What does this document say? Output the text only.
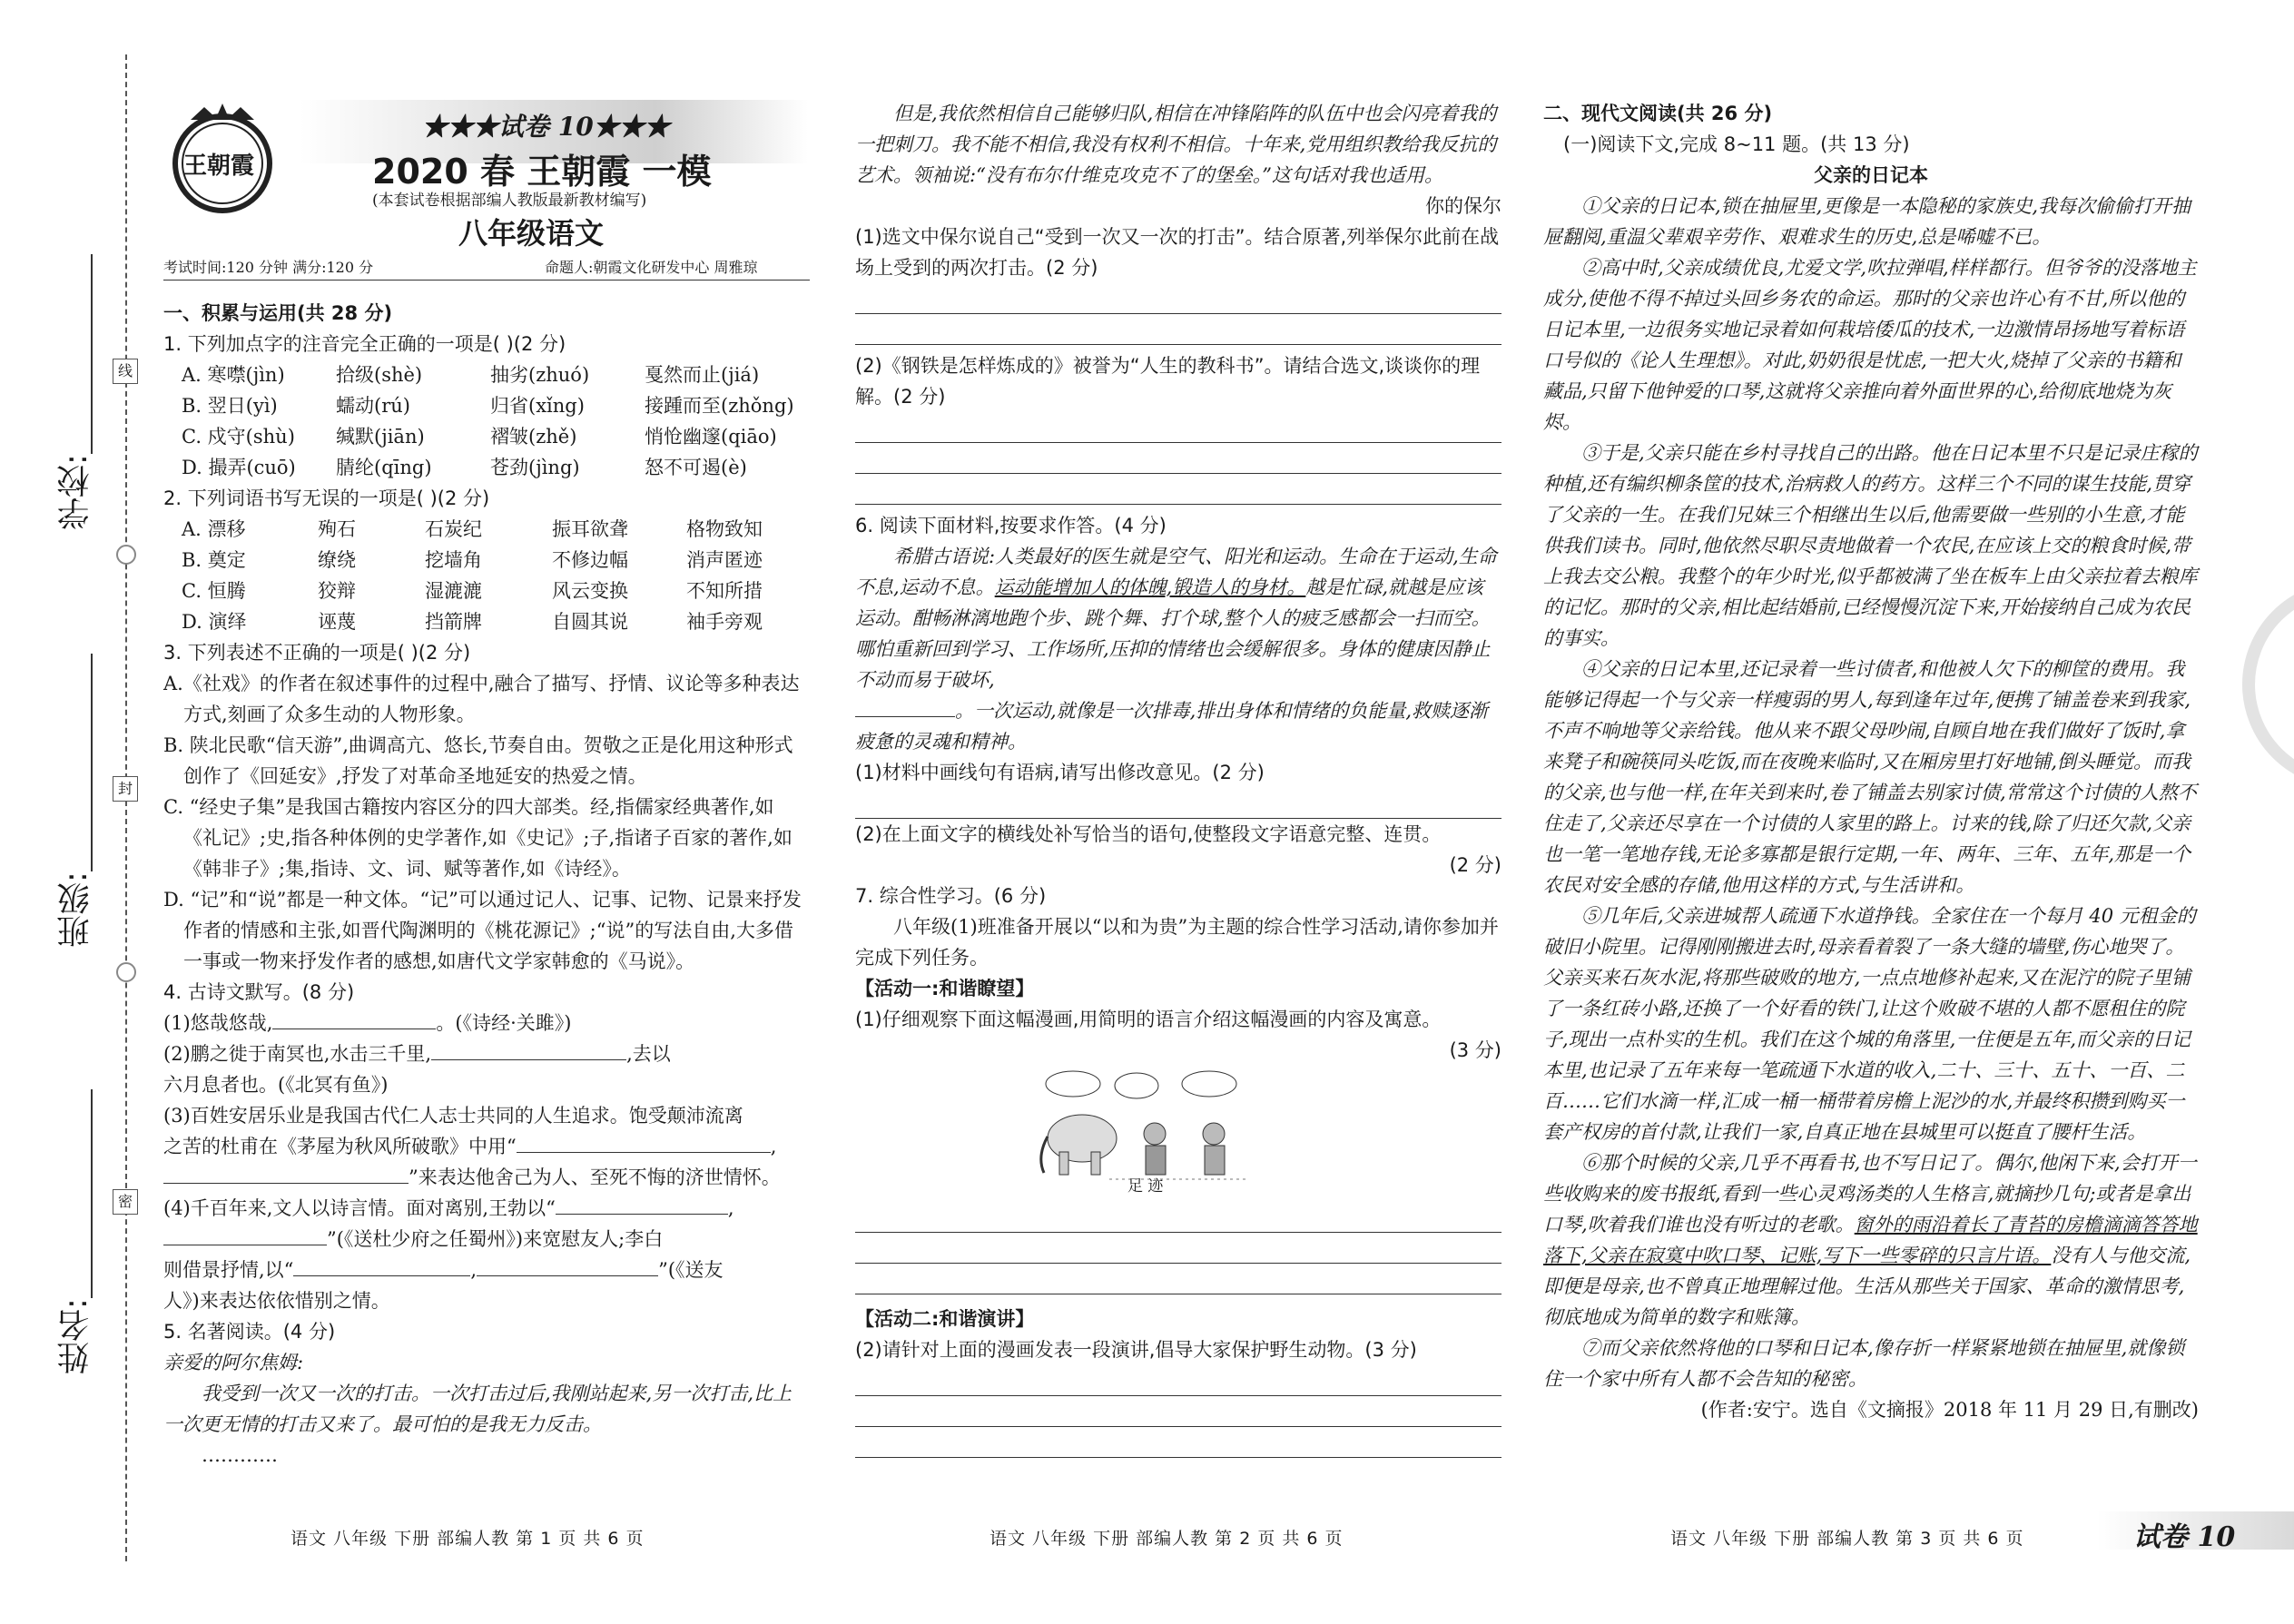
学校:
班级:
姓名:
线
封
密
王朝霞
★★★试卷 10★★★
2020 春 王朝霞 一模
(本套试卷根据部编人教版最新教材编写)
八年级语文
考试时间:120 分钟 满分:120 分	命题人:朝霞文化研发中心 周雅琼
一、积累与运用(共 28 分)
1. 下列加点字的注音完全正确的一项是( )(2 分)
A. 寒噤(jìn)	拾级(shè)	抽劣(zhuó)	戛然而止(jiá)
B. 翌日(yì)	蠕动(rú)	归省(xǐng)	接踵而至(zhǒng)
C. 戍守(shù) 缄默(jiān)	褶皱(zhě)	悄怆幽邃(qiāo)
D. 撮弄(cuō) 腈纶(qīng)	苍劲(jìng)	怒不可遏(è)
2. 下列词语书写无误的一项是( )(2 分)
A. 漂移	殉石	石炭纪	振耳欲聋	格物致知
B. 奠定	缭绕	挖墙角	不修边幅	消声匿迹
C. 恒腾	狡辩	湿漉漉	风云变换	不知所措
D. 演绎	诬蔑	挡箭牌	自圆其说	袖手旁观
3. 下列表述不正确的一项是( )(2 分)
A.《社戏》的作者在叙述事件的过程中,融合了描写、抒情、议论等多种表达方式,刻画了众多生动的人物形象。
B. 陕北民歌“信天游”,曲调高亢、悠长,节奏自由。贺敬之正是化用这种形式创作了《回延安》,抒发了对革命圣地延安的热爱之情。
C. “经史子集”是我国古籍按内容区分的四大部类。经,指儒家经典著作,如《礼记》;史,指各种体例的史学著作,如《史记》;子,指诸子百家的著作,如《韩非子》;集,指诗、文、词、赋等著作,如《诗经》。
D. “记”和“说”都是一种文体。“记”可以通过记人、记事、记物、记景来抒发作者的情感和主张,如晋代陶渊明的《桃花源记》;“说”的写法自由,大多借一事或一物来抒发作者的感想,如唐代文学家韩愈的《马说》。
4. 古诗文默写。(8 分)
(1)悠哉悠哉,	。(《诗经·关雎》)
(2)鹏之徙于南冥也,水击三千里,	,去以
六月息者也。(《北冥有鱼》)
(3)百姓安居乐业是我国古代仁人志士共同的人生追求。饱受颠沛流离
之苦的杜甫在《茅屋为秋风所破歌》中用“	,
”来表达他舍己为人、至死不悔的济世情怀。
(4)千百年来,文人以诗言情。面对离别,王勃以“	,
”(《送杜少府之任蜀州》)来宽慰友人;李白
则借景抒情,以“	,	”(《送友
人》)来表达依依惜别之情。
5. 名著阅读。(4 分)
亲爱的阿尔焦姆:
我受到一次又一次的打击。一次打击过后,我刚站起来,另一次打击,比上一次更无情的打击又来了。最可怕的是我无力反击。
…………
但是,我依然相信自己能够归队,相信在冲锋陷阵的队伍中也会闪亮着我的一把刺刀。我不能不相信,我没有权利不相信。十年来,党用组织教给我反抗的艺术。领袖说:“没有布尔什维克攻克不了的堡垒。”这句话对我也适用。
你的保尔
(1)选文中保尔说自己“受到一次又一次的打击”。结合原著,列举保尔此前在战场上受到的两次打击。(2 分)
(2)《钢铁是怎样炼成的》被誉为“人生的教科书”。请结合选文,谈谈你的理解。(2 分)
6. 阅读下面材料,按要求作答。(4 分)
希腊古语说:人类最好的医生就是空气、阳光和运动。生命在于运动,生命不息,运动不息。运动能增加人的体魄,锻造人的身材。越是忙碌,就越是应该运动。酣畅淋漓地跑个步、跳个舞、打个球,整个人的疲乏感都会一扫而空。哪怕重新回到学习、工作场所,压抑的情绪也会缓解很多。身体的健康因静止不动而易于破坏,
。一次运动,就像是一次排毒,排出身体和情绪的负能量,救赎逐渐疲惫的灵魂和精神。
(1)材料中画线句有语病,请写出修改意见。(2 分)
(2)在上面文字的横线处补写恰当的语句,使整段文字语意完整、连贯。
(2 分)
7. 综合性学习。(6 分)
八年级(1)班准备开展以“以和为贵”为主题的综合性学习活动,请你参加并完成下列任务。
【活动一:和谐瞭望】
(1)仔细观察下面这幅漫画,用简明的语言介绍这幅漫画的内容及寓意。
(3 分)
足 迹
【活动二:和谐演讲】
(2)请针对上面的漫画发表一段演讲,倡导大家保护野生动物。(3 分)
二、现代文阅读(共 26 分)
(一)阅读下文,完成 8~11 题。(共 13 分)
父亲的日记本
①父亲的日记本,锁在抽屉里,更像是一本隐秘的家族史,我每次偷偷打开抽屉翻阅,重温父辈艰辛劳作、艰难求生的历史,总是唏嘘不已。
②高中时,父亲成绩优良,尤爱文学,吹拉弹唱,样样都行。但爷爷的没落地主成分,使他不得不掉过头回乡务农的命运。那时的父亲也许心有不甘,所以他的日记本里,一边很务实地记录着如何栽培倭瓜的技术,一边激情昂扬地写着标语口号似的《论人生理想》。对此,奶奶很是忧虑,一把大火,烧掉了父亲的书籍和藏品,只留下他钟爱的口琴,这就将父亲推向着外面世界的心,给彻底地烧为灰烬。
③于是,父亲只能在乡村寻找自己的出路。他在日记本里不只是记录庄稼的种植,还有编织柳条筐的技术,治病救人的药方。这样三个不同的谋生技能,贯穿了父亲的一生。在我们兄妹三个相继出生以后,他需要做一些别的小生意,才能供我们读书。同时,他依然尽职尽责地做着一个农民,在应该上交的粮食时候,带上我去交公粮。我整个的年少时光,似乎都被满了坐在板车上由父亲拉着去粮库的记忆。那时的父亲,相比起结婚前,已经慢慢沉淀下来,开始接纳自己成为农民的事实。
④父亲的日记本里,还记录着一些讨债者,和他被人欠下的柳筐的费用。我能够记得起一个与父亲一样瘦弱的男人,每到逢年过年,便携了铺盖卷来到我家,不声不响地等父亲给钱。他从来不跟父母吵闹,自顾自地在我们做好了饭时,拿来凳子和碗筷同头吃饭,而在夜晚来临时,又在厢房里打好地铺,倒头睡觉。而我的父亲,也与他一样,在年关到来时,卷了铺盖去别家讨债,常常这个讨债的人熬不住走了,父亲还尽享在一个讨债的人家里的路上。讨来的钱,除了归还欠款,父亲也一笔一笔地存钱,无论多寡都是银行定期,一年、两年、三年、五年,那是一个农民对安全感的存储,他用这样的方式,与生活讲和。
⑤几年后,父亲进城帮人疏通下水道挣钱。全家住在一个每月 40 元租金的破旧小院里。记得刚刚搬进去时,母亲看着裂了一条大缝的墙壁,伤心地哭了。父亲买来石灰水泥,将那些破败的地方,一点点地修补起来,又在泥泞的院子里铺了一条红砖小路,还换了一个好看的铁门,让这个败破不堪的人都不愿租住的院子,现出一点朴实的生机。我们在这个城的角落里,一住便是五年,而父亲的日记本里,也记录了五年来每一笔疏通下水道的收入,二十、三十、五十、一百、二百……它们水滴一样,汇成一桶一桶带着房檐上泥沙的水,并最终积攒到购买一套产权房的首付款,让我们一家,自真正地在县城里可以挺直了腰杆生活。
⑥那个时候的父亲,几乎不再看书,也不写日记了。偶尔,他闲下来,会打开一些收购来的废书报纸,看到一些心灵鸡汤类的人生格言,就摘抄几句;或者是拿出口琴,吹着我们谁也没有听过的老歌。窗外的雨沿着长了青苔的房檐滴滴答答地落下,父亲在寂寞中吹口琴、记账,写下一些零碎的只言片语。没有人与他交流,即便是母亲,也不曾真正地理解过他。生活从那些关于国家、革命的激情思考,彻底地成为简单的数字和账簿。
⑦而父亲依然将他的口琴和日记本,像存折一样紧紧地锁在抽屉里,就像锁住一个家中所有人都不会告知的秘密。
(作者:安宁。选自《文摘报》2018 年 11 月 29 日,有删改)
语文 八年级 下册 部编人教 第 1 页 共 6 页	语文 八年级 下册 部编人教 第 2 页 共 6 页	语文 八年级 下册 部编人教 第 3 页 共 6 页	试卷 10
